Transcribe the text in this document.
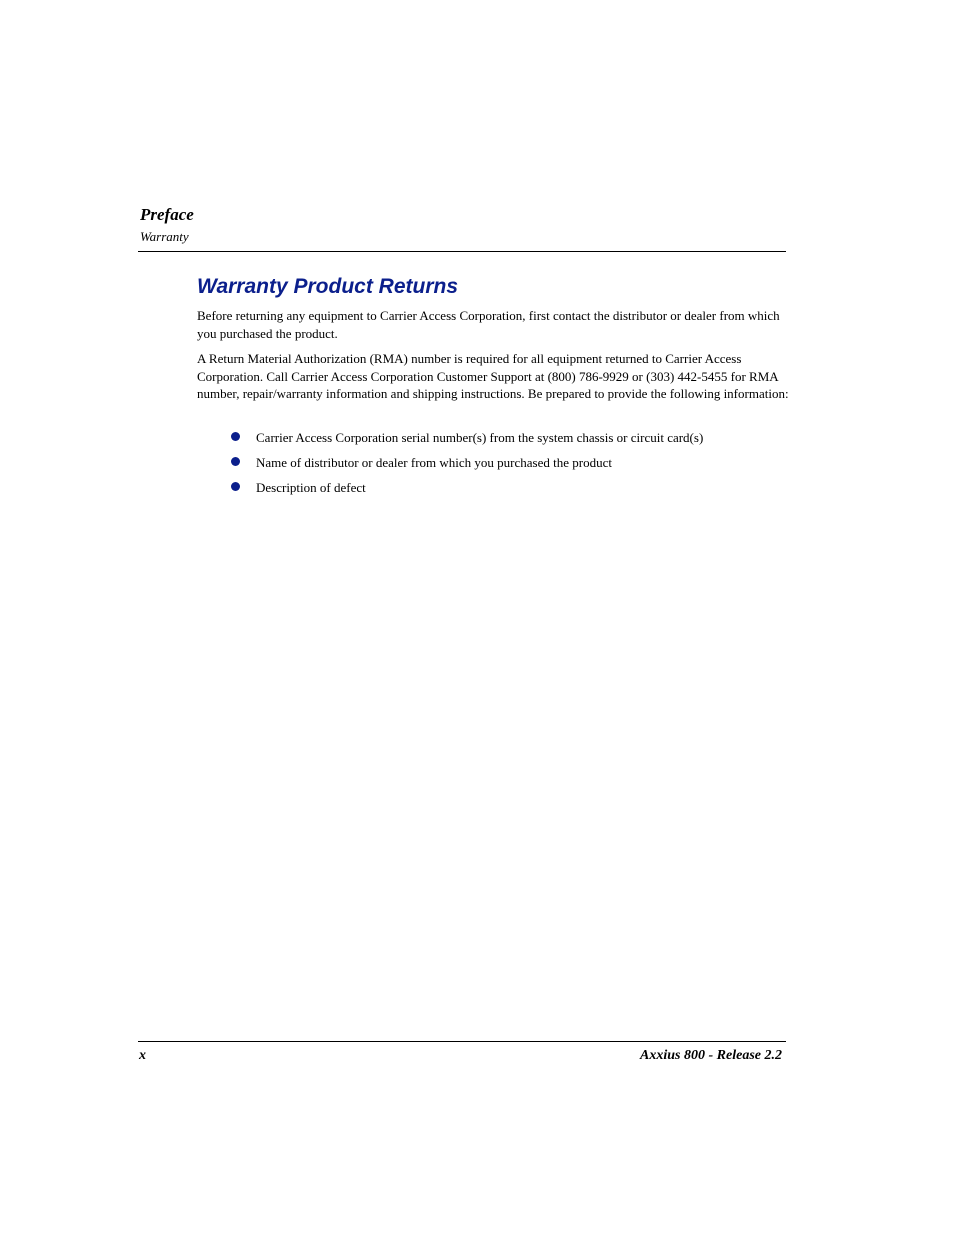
Preface
Warranty
Warranty Product Returns

Before returning any equipment to Carrier Access Corporation, first contact the distributor or dealer from which you purchased the product.

A Return Material Authorization (RMA) number is required for all equipment returned to Carrier Access Corporation. Call Carrier Access Corporation Customer Support at (800) 786-9929 or (303) 442-5455 for RMA number, repair/warranty information and shipping instructions. Be prepared to provide the following information:

Carrier Access Corporation serial number(s) from the system chassis or circuit card(s)
Name of distributor or dealer from which you purchased the product
Description of defect
x	Axxius 800 - Release 2.2
